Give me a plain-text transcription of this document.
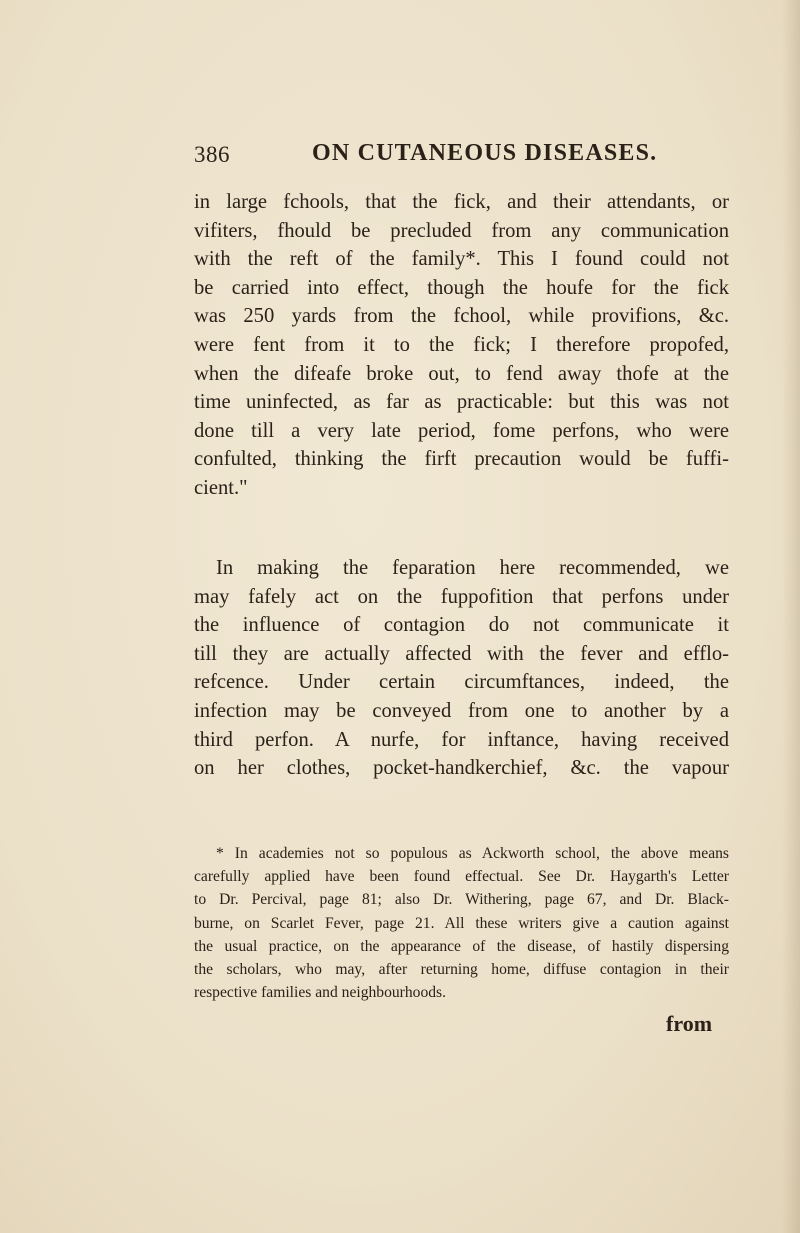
386	ON CUTANEOUS DISEASES.
in large fchools, that the fick, and their attendants, or
vifiters, fhould be precluded from any communication
with the reft of the family*. This I found could not
be carried into effect, though the houfe for the fick
was 250 yards from the fchool, while provifions, &c.
were fent from it to the fick; I therefore propofed,
when the difeafe broke out, to fend away thofe at the
time uninfected, as far as practicable: but this was not
done till a very late period, fome perfons, who were
confulted, thinking the firft precaution would be fuffi-
cient."
In making the feparation here recommended, we
may fafely act on the fuppofition that perfons under
the influence of contagion do not communicate it
till they are actually affected with the fever and efflo-
refcence. Under certain circumftances, indeed, the
infection may be conveyed from one to another by a
third perfon. A nurfe, for inftance, having received
on her clothes, pocket-handkerchief, &c. the vapour
* In academies not so populous as Ackworth school, the above means
carefully applied have been found effectual. See Dr. Haygarth's Letter
to Dr. Percival, page 81; also Dr. Withering, page 67, and Dr. Black-
burne, on Scarlet Fever, page 21. All these writers give a caution against
the usual practice, on the appearance of the disease, of hastily dispersing
the scholars, who may, after returning home, diffuse contagion in their
respective families and neighbourhoods.
from
